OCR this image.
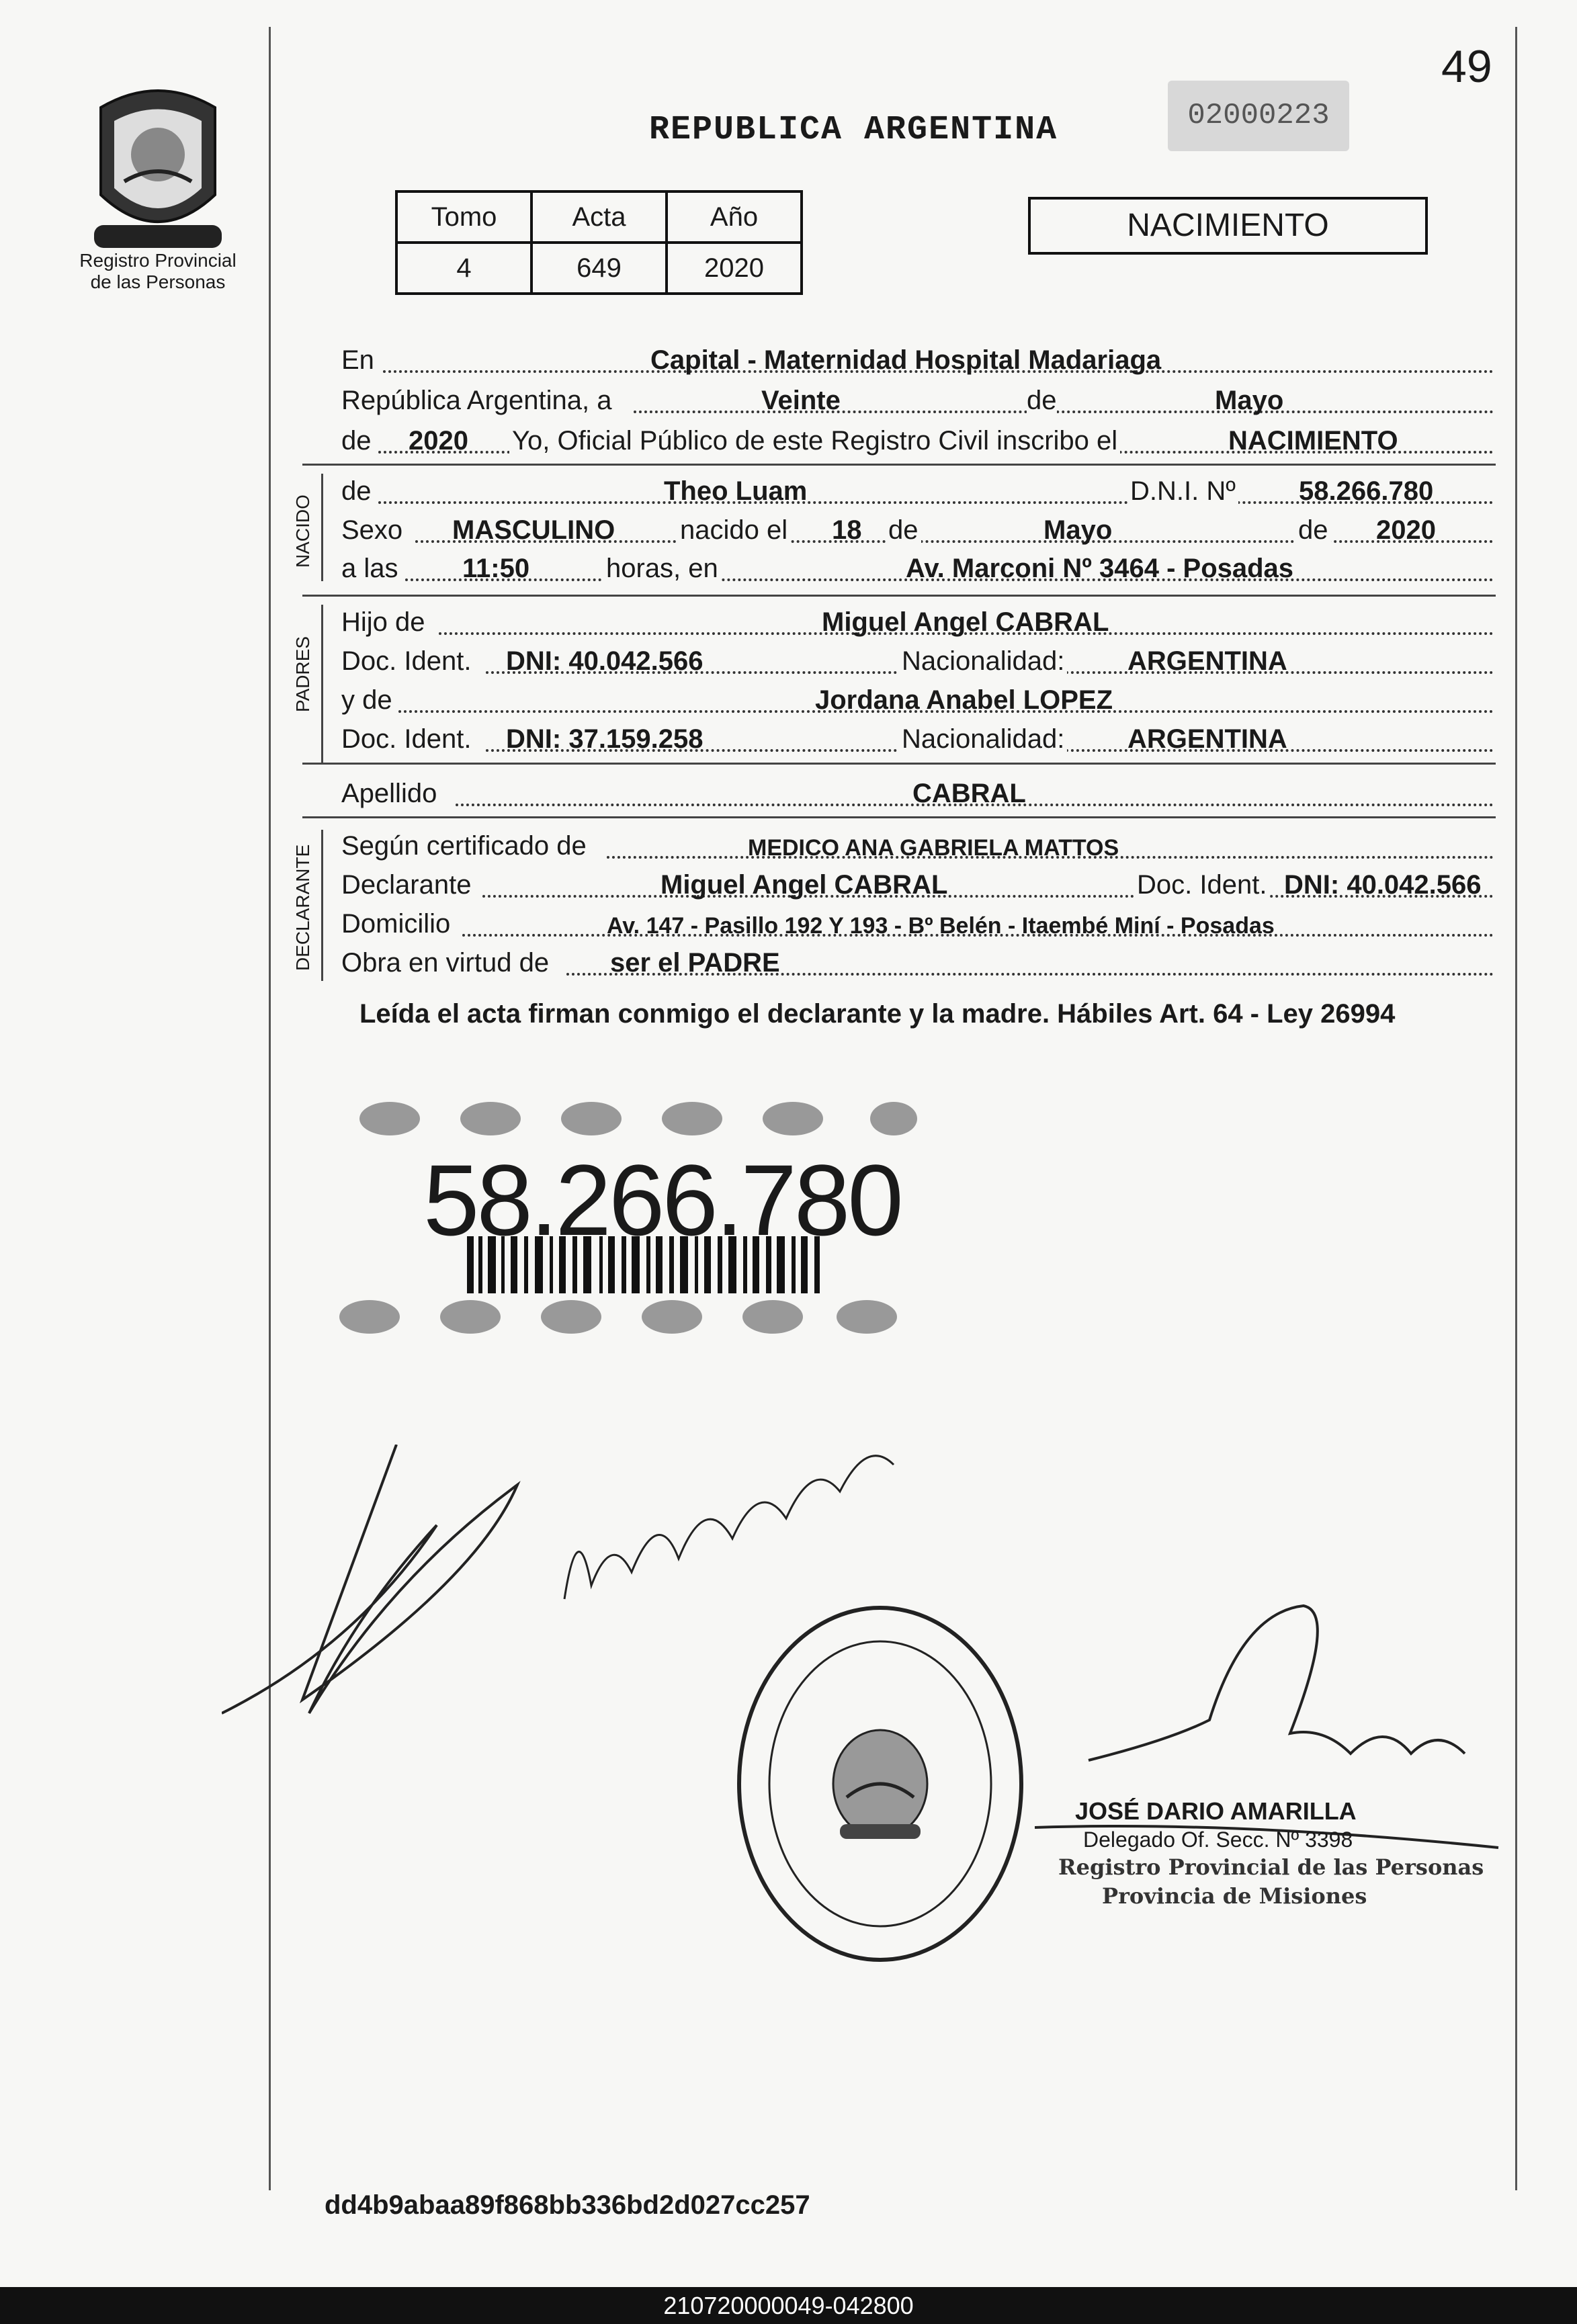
49
REPUBLICA ARGENTINA	02000223
Registro Provincial
de las Personas
Tomo	Acta	Año
4	649	2020
NACIMIENTO
En	Capital - Maternidad Hospital Madariaga
República Argentina, a	Veinte	de	Mayo
de 2020 Yo, Oficial Público de este Registro Civil inscribo el	NACIMIENTO
NACIDO
de	Theo Luam	D.N.I. Nº 58.266.780
Sexo MASCULINO nacido el 18 de	Mayo	de 2020
a las 11:50	horas, en	Av. Marconi Nº 3464 - Posadas
PADRES
Hijo de	Miguel Angel CABRAL
Doc. Ident. DNI: 40.042.566	Nacionalidad: ARGENTINA
y de	Jordana Anabel LOPEZ
Doc. Ident. DNI: 37.159.258	Nacionalidad: ARGENTINA
Apellido	CABRAL
DECLARANTE Según certificado de	MEDICO ANA GABRIELA MATTOS
Declarante	Miguel Angel CABRAL	Doc. Ident. DNI: 40.042.566
Domicilio	Av. 147 - Pasillo 192 Y 193 - Bº Belén - Itaembé Miní - Posadas
Obra en virtud de ser el PADRE
Leída el acta firman conmigo el declarante y la madre. Hábiles Art. 64 - Ley 26994
58.266.780
JOSÉ DARIO AMARILLA
Delegado Of. Secc. Nº 3398
Registro Provincial de las Personas
Provincia de Misiones
dd4b9abaa89f868bb336bd2d027cc257
210720000049-042800
